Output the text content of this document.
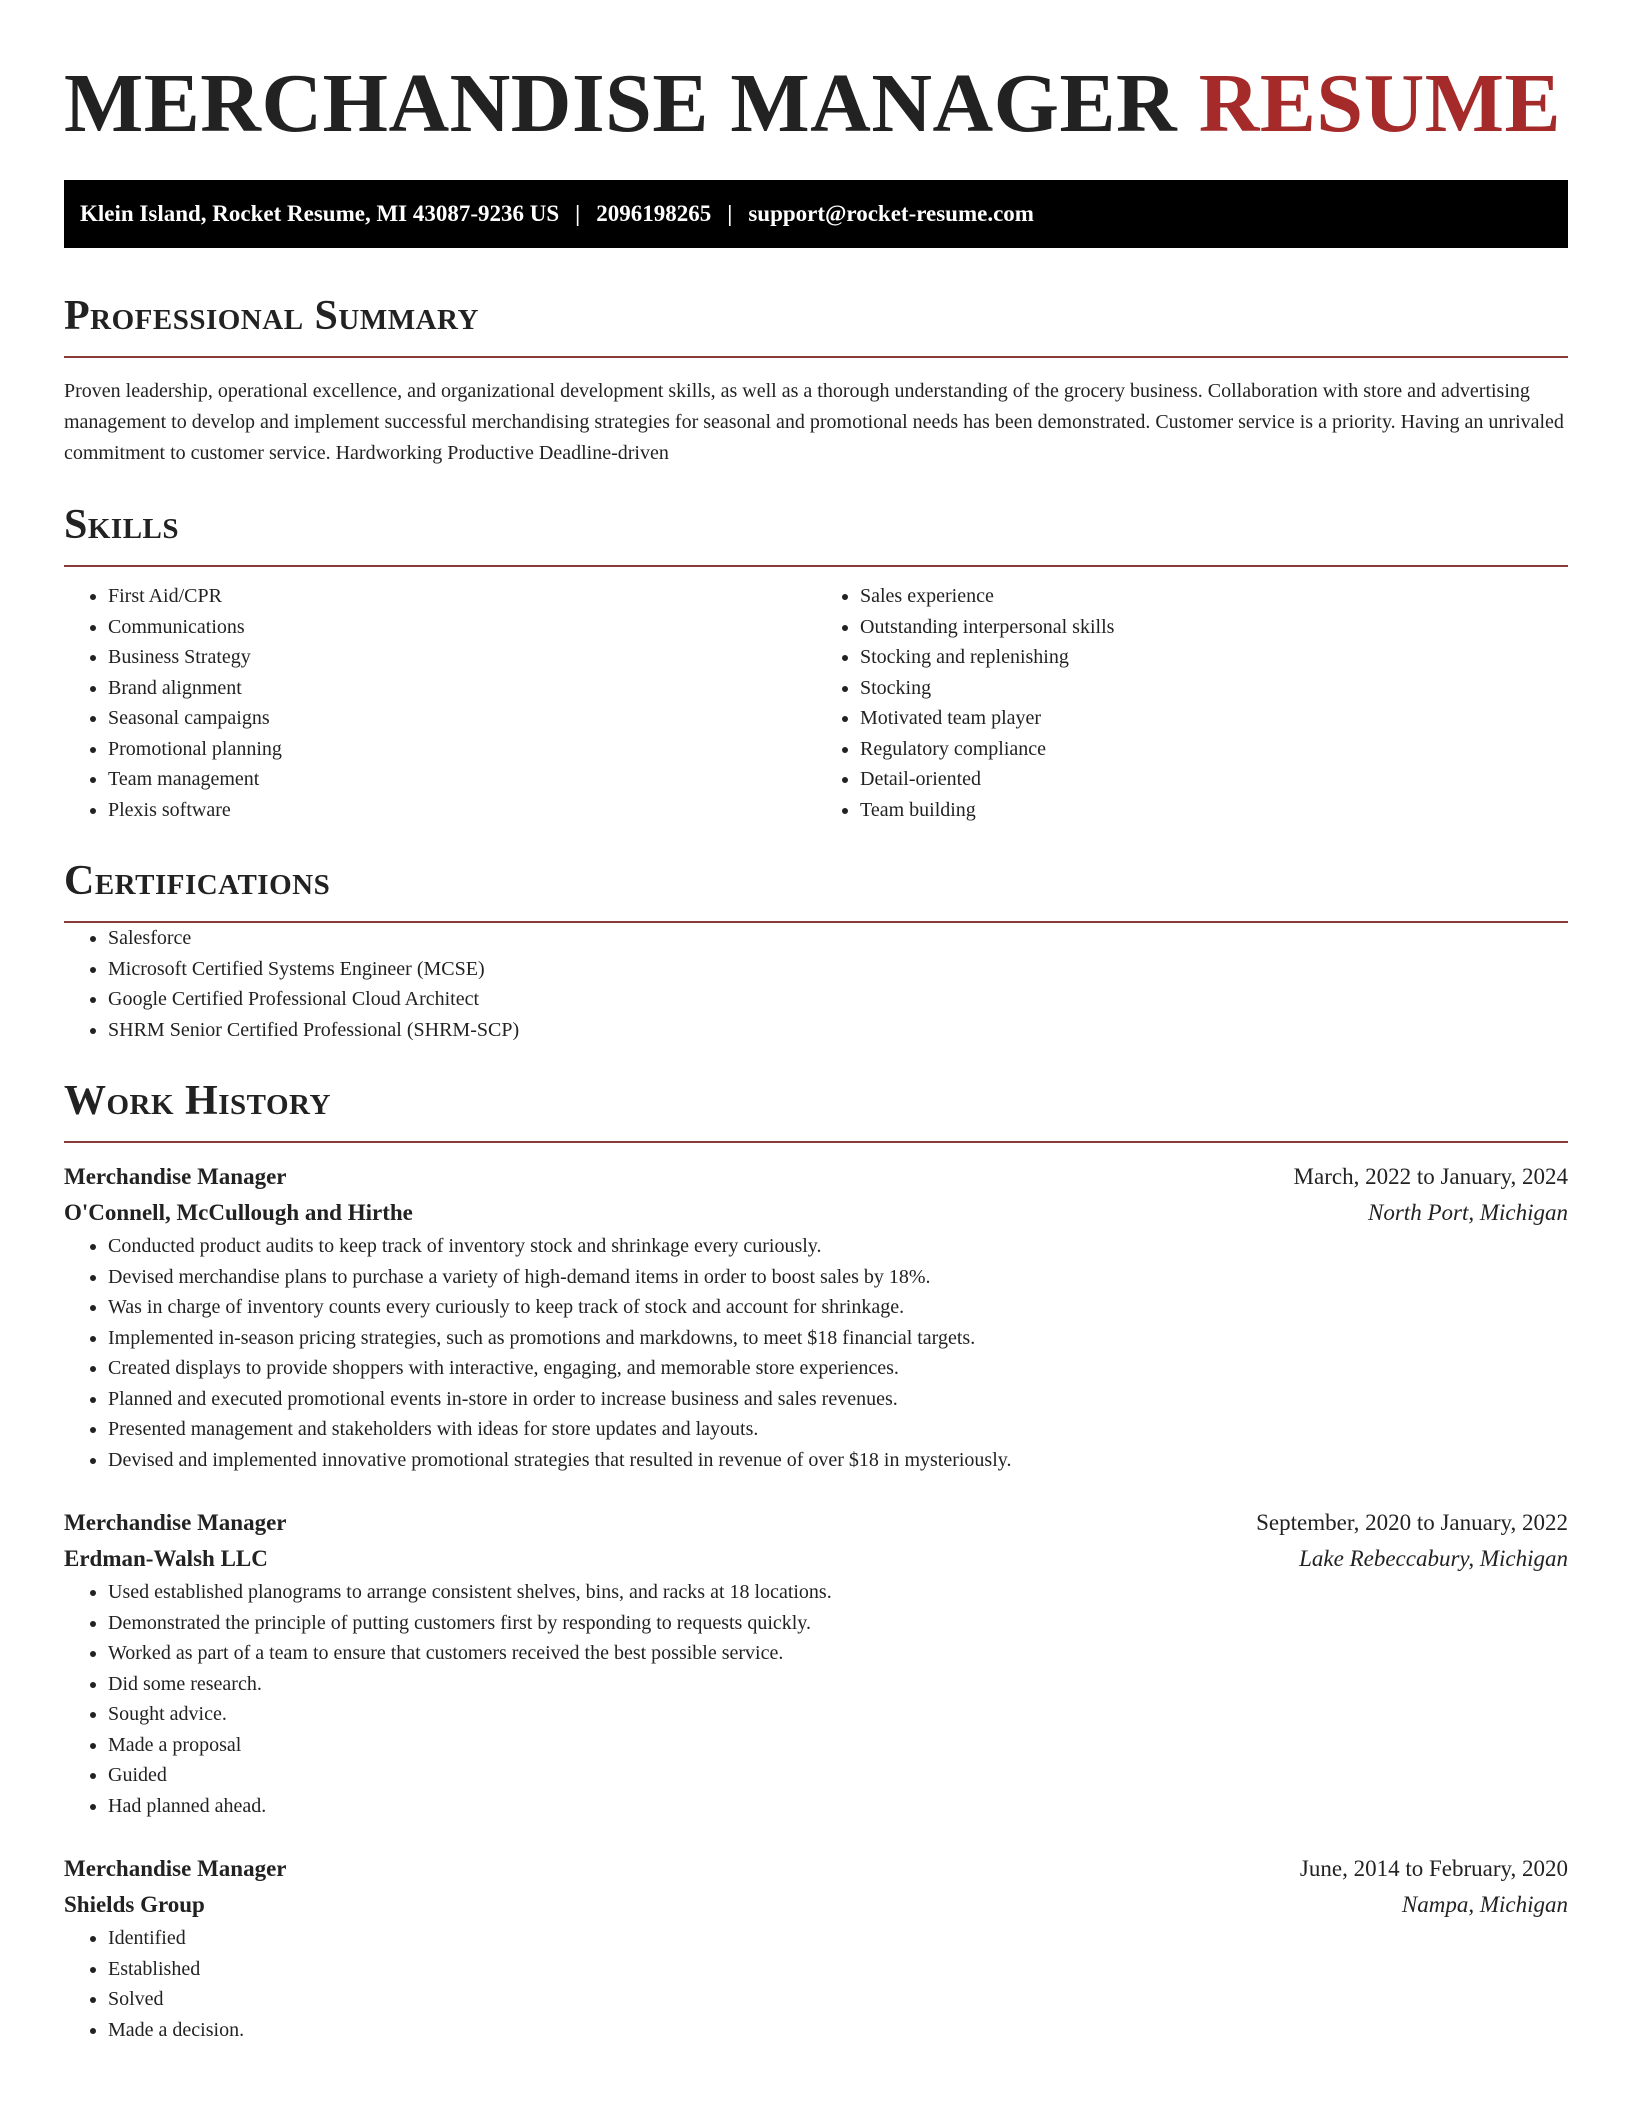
MERCHANDISE MANAGER RESUME
Klein Island, Rocket Resume, MI 43087-9236 US | 2096198265 | support@rocket-resume.com
Professional Summary

Proven leadership, operational excellence, and organizational development skills, as well as a thorough understanding of the grocery business. Collaboration with store and advertising management to develop and implement successful merchandising strategies for seasonal and promotional needs has been demonstrated. Customer service is a priority. Having an unrivaled commitment to customer service. Hardworking Productive Deadline-driven

Skills
• First Aid/CPR
• Communications
• Business Strategy
• Brand alignment
• Seasonal campaigns
• Promotional planning
• Team management
• Plexis software
• Sales experience
• Outstanding interpersonal skills
• Stocking and replenishing
• Stocking
• Motivated team player
• Regulatory compliance
• Detail-oriented
• Team building
Certifications
• Salesforce
• Microsoft Certified Systems Engineer (MCSE)
• Google Certified Professional Cloud Architect
• SHRM Senior Certified Professional (SHRM-SCP)
Work History
Merchandise Manager	March, 2022 to January, 2024
O'Connell, McCullough and Hirthe	North Port, Michigan
• Conducted product audits to keep track of inventory stock and shrinkage every curiously.
• Devised merchandise plans to purchase a variety of high-demand items in order to boost sales by 18%.
• Was in charge of inventory counts every curiously to keep track of stock and account for shrinkage.
• Implemented in-season pricing strategies, such as promotions and markdowns, to meet $18 financial targets.
• Created displays to provide shoppers with interactive, engaging, and memorable store experiences.
• Planned and executed promotional events in-store in order to increase business and sales revenues.
• Presented management and stakeholders with ideas for store updates and layouts.
• Devised and implemented innovative promotional strategies that resulted in revenue of over $18 in mysteriously.
Merchandise Manager	September, 2020 to January, 2022
Erdman-Walsh LLC	Lake Rebeccabury, Michigan
• Used established planograms to arrange consistent shelves, bins, and racks at 18 locations.
• Demonstrated the principle of putting customers first by responding to requests quickly.
• Worked as part of a team to ensure that customers received the best possible service.
• Did some research.
• Sought advice.
• Made a proposal
• Guided
• Had planned ahead.
Merchandise Manager	June, 2014 to February, 2020
Shields Group	Nampa, Michigan
• Identified
• Established
• Solved
• Made a decision.
